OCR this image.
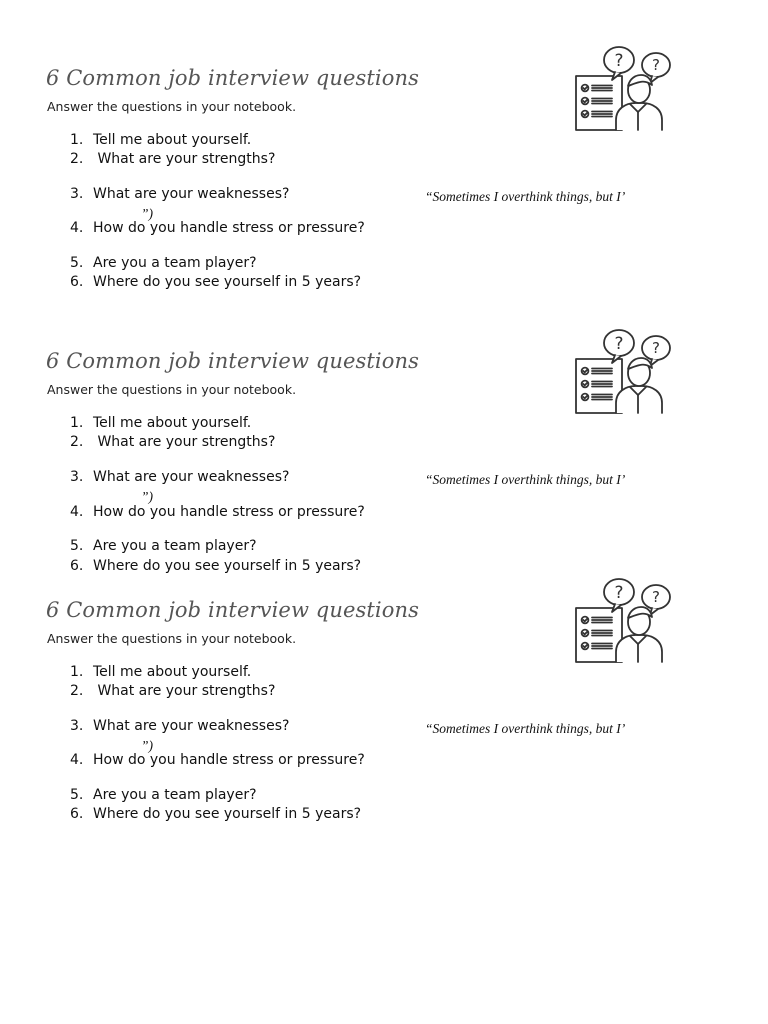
6 Common job interview questions

Answer the questions in your notebook.

1. Tell me about yourself.

2. What are your strengths?

3. What are your weaknesses?

4. How do you handle stress or pressure?

5. Are you a team player?

6. Where do you see yourself in 5 years?

“Sometimes I overthink things, but I’
”)
? ?
6 Common job interview questions

Answer the questions in your notebook.

1. Tell me about yourself.

2. What are your strengths?

3. What are your weaknesses?

4. How do you handle stress or pressure?

5. Are you a team player?

6. Where do you see yourself in 5 years?

“Sometimes I overthink things, but I’
”)
? ?
6 Common job interview questions

Answer the questions in your notebook.

1. Tell me about yourself.

2. What are your strengths?

3. What are your weaknesses?

4. How do you handle stress or pressure?

5. Are you a team player?

6. Where do you see yourself in 5 years?

“Sometimes I overthink things, but I’
”)
? ?
